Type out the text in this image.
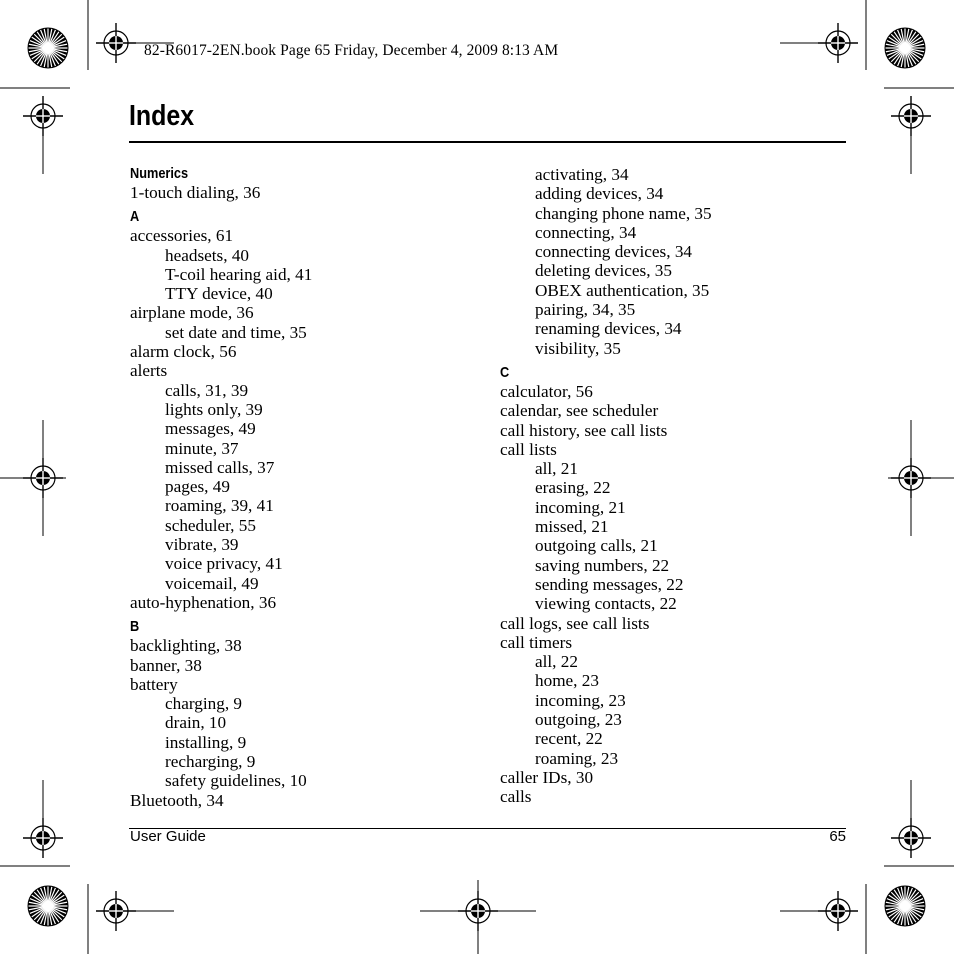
82-R6017-2EN.book Page 65 Friday, December 4, 2009 8:13 AM
Index
Numerics
1-touch dialing, 36
A
accessories, 61
headsets, 40
T-coil hearing aid, 41
TTY device, 40
airplane mode, 36
set date and time, 35
alarm clock, 56
alerts
calls, 31, 39
lights only, 39
messages, 49
minute, 37
missed calls, 37
pages, 49
roaming, 39, 41
scheduler, 55
vibrate, 39
voice privacy, 41
voicemail, 49
auto-hyphenation, 36
B
backlighting, 38
banner, 38
battery
charging, 9
drain, 10
installing, 9
recharging, 9
safety guidelines, 10
Bluetooth, 34
activating, 34
adding devices, 34
changing phone name, 35
connecting, 34
connecting devices, 34
deleting devices, 35
OBEX authentication, 35
pairing, 34, 35
renaming devices, 34
visibility, 35
C
calculator, 56
calendar, see scheduler
call history, see call lists
call lists
all, 21
erasing, 22
incoming, 21
missed, 21
outgoing calls, 21
saving numbers, 22
sending messages, 22
viewing contacts, 22
call logs, see call lists
call timers
all, 22
home, 23
incoming, 23
outgoing, 23
recent, 22
roaming, 23
caller IDs, 30
calls
User Guide	65
